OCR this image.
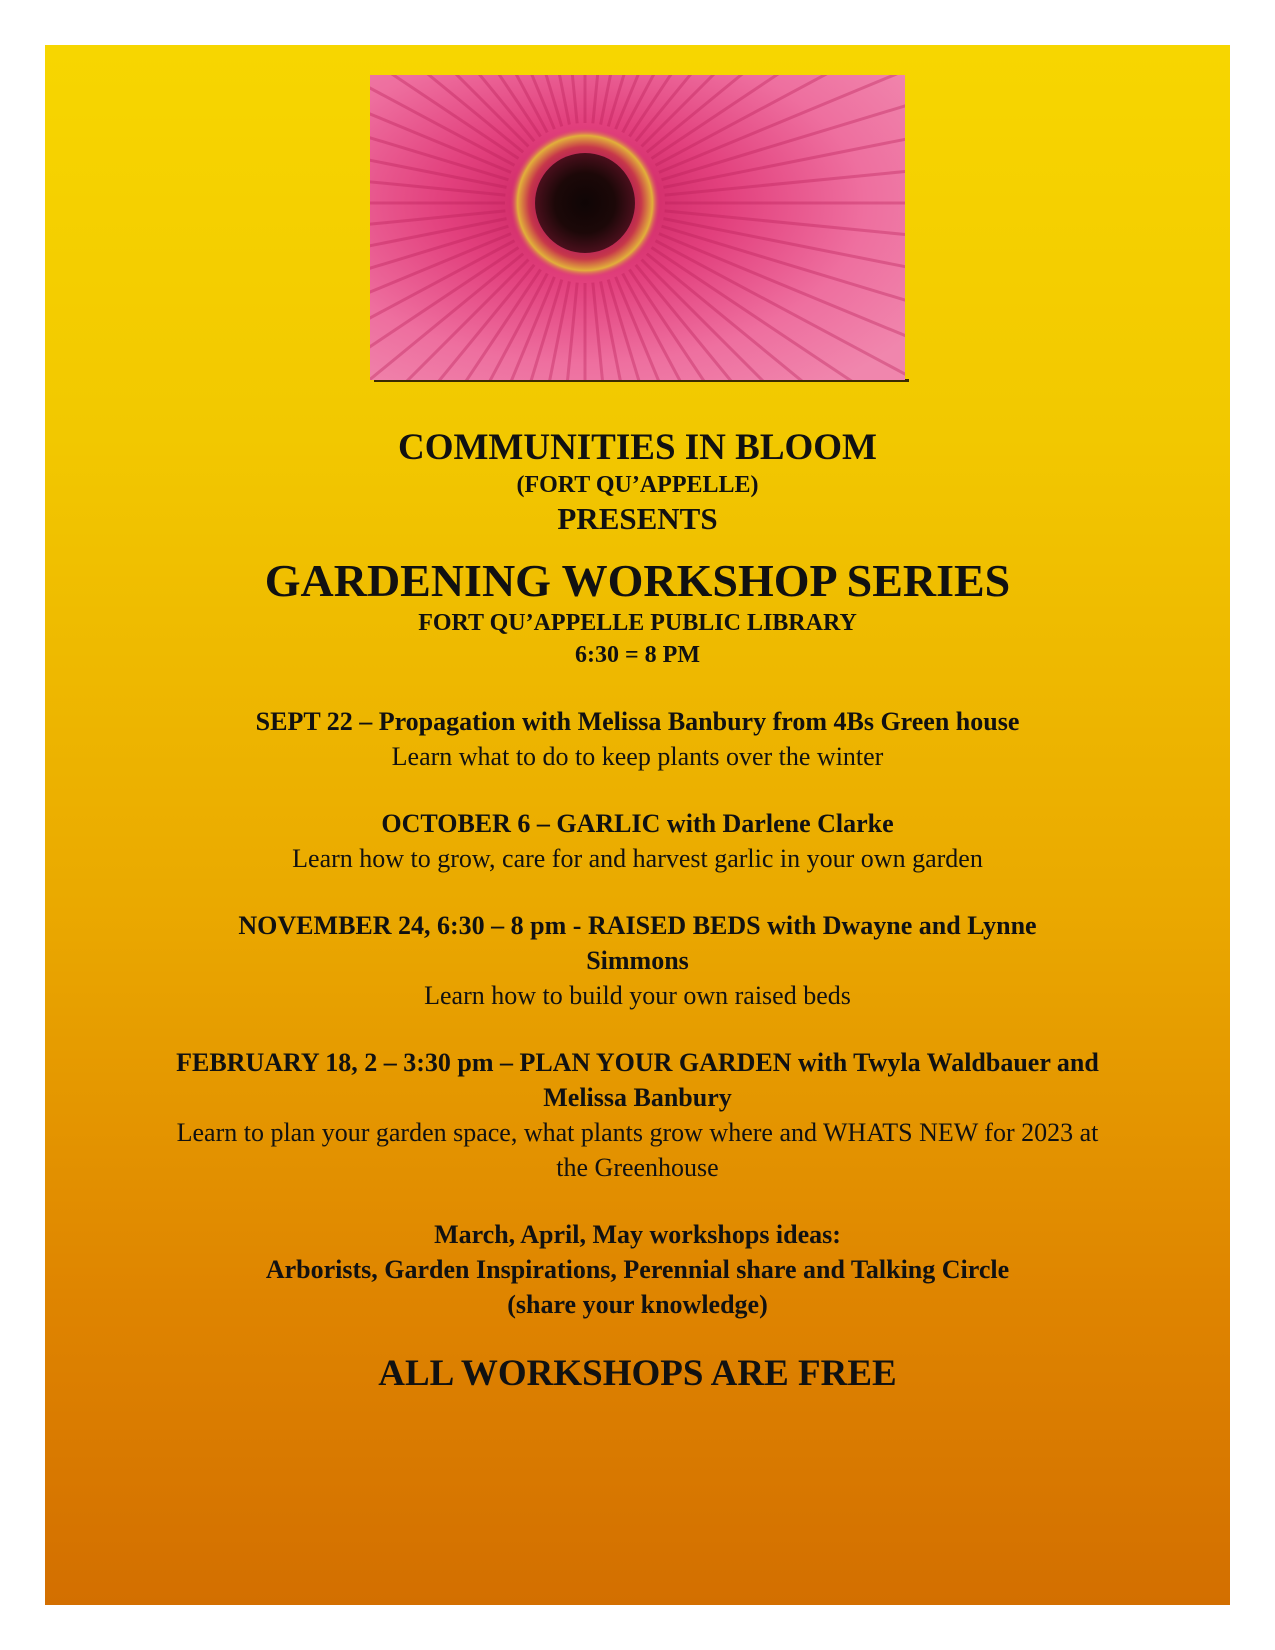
COMMUNITIES IN BLOOM

(FORT QU’APPELLE)

PRESENTS

GARDENING WORKSHOP SERIES

FORT QU’APPELLE PUBLIC LIBRARY

6:30 = 8 PM

SEPT 22 – Propagation with Melissa Banbury from 4Bs Green house

Learn what to do to keep plants over the winter

OCTOBER 6 – GARLIC with Darlene Clarke

Learn how to grow, care for and harvest garlic in your own garden

NOVEMBER 24, 6:30 – 8 pm - RAISED BEDS with Dwayne and Lynne Simmons

Learn how to build your own raised beds

FEBRUARY 18, 2 – 3:30 pm – PLAN YOUR GARDEN with Twyla Waldbauer and Melissa Banbury

Learn to plan your garden space, what plants grow where and WHATS NEW for 2023 at the Greenhouse

March, April, May workshops ideas:

Arborists, Garden Inspirations, Perennial share and Talking Circle

(share your knowledge)

ALL WORKSHOPS ARE FREE
